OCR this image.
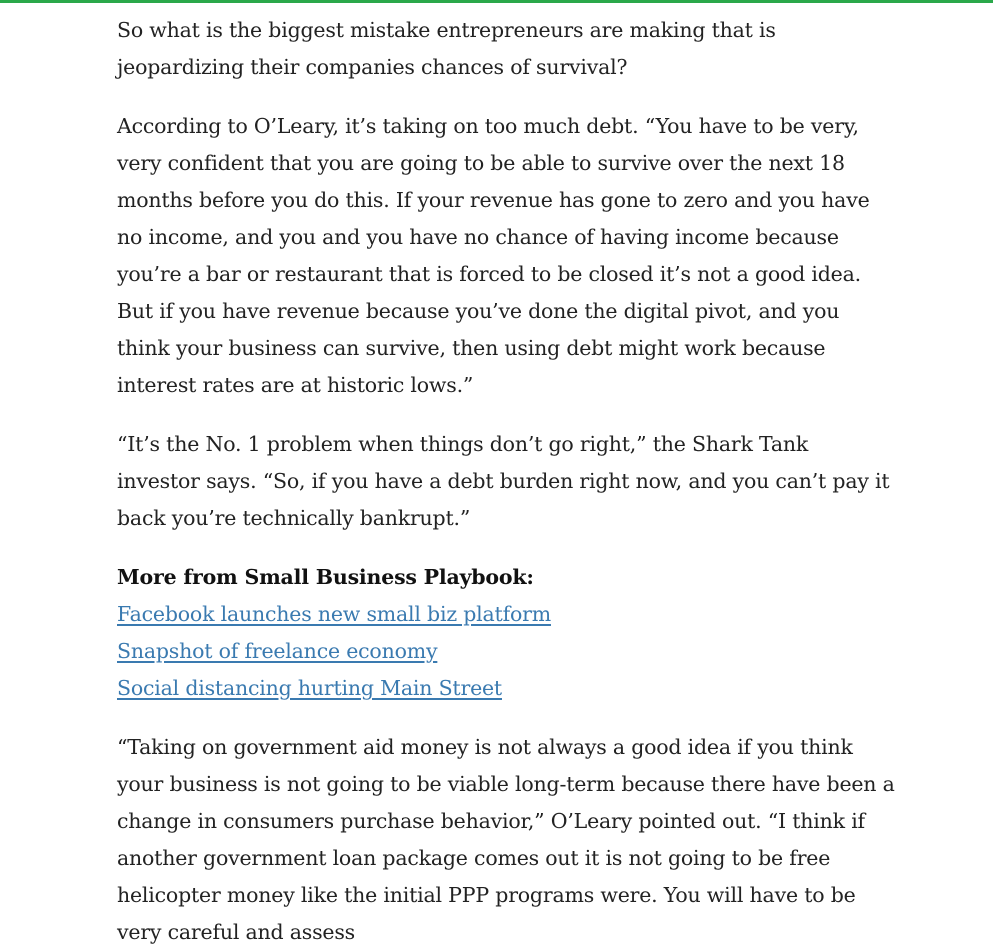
So what is the biggest mistake entrepreneurs are making that is jeopardizing their companies chances of survival?

According to O’Leary, it’s taking on too much debt. “You have to be very, very confident that you are going to be able to survive over the next 18 months before you do this. If your revenue has gone to zero and you have no income, and you and you have no chance of having income because you’re a bar or restaurant that is forced to be closed it’s not a good idea. But if you have revenue because you’ve done the digital pivot, and you think your business can survive, then using debt might work because interest rates are at historic lows.”

“It’s the No. 1 problem when things don’t go right,” the Shark Tank investor says. “So, if you have a debt burden right now, and you can’t pay it back you’re technically bankrupt.”

More from Small Business Playbook:
Facebook launches new small biz platform
Snapshot of freelance economy
Social distancing hurting Main Street

“Taking on government aid money is not always a good idea if you think your business is not going to be viable long-term because there have been a change in consumers purchase behavior,” O’Leary pointed out. “I think if another government loan package comes out it is not going to be free helicopter money like the initial PPP programs were. You will have to be very careful and assess
